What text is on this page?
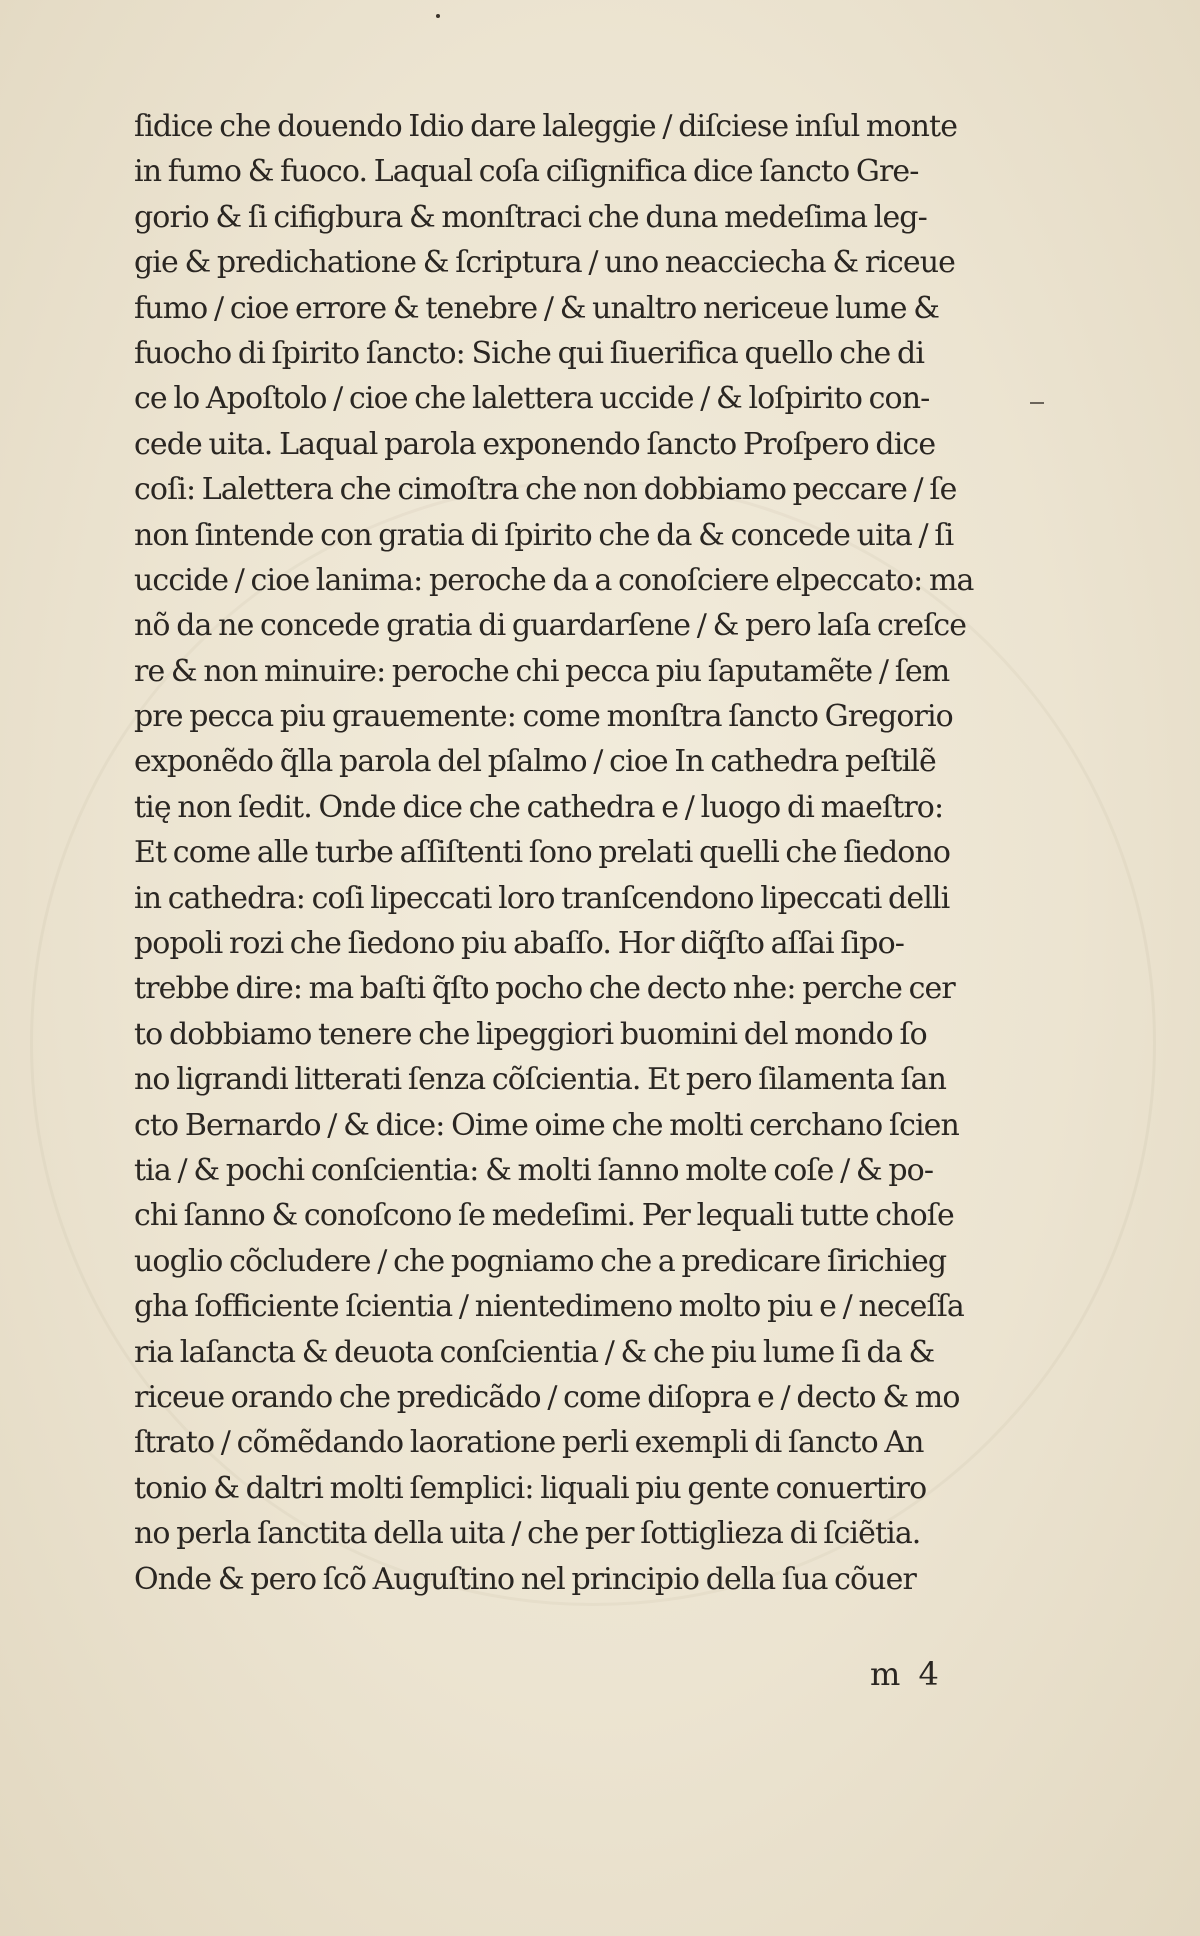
ſidice che douendo Idio dare laleggie / diſciese inſul monte
in fumo & fuoco. Laqual coſa ciſignifica dice ſancto Gre-
gorio & ſi cifigbura & monſtraci che duna medeſima leg-
gie & predichatione & ſcriptura / uno neacciecha & riceue
fumo / cioe errore & tenebre / & unaltro nericeue lume &
fuocho di ſpirito ſancto: Siche qui ſiuerifica quello che di
ce lo Apoſtolo / cioe che lalettera uccide / & loſpirito con-
cede uita. Laqual parola exponendo ſancto Proſpero dice
coſi: Lalettera che cimoſtra che non dobbiamo peccare / ſe
non ſintende con gratia di ſpirito che da & concede uita / ſi
uccide / cioe lanima: peroche da a conoſciere elpeccato: ma
nõ da ne concede gratia di guardarſene / & pero laſa creſce
re & non minuire: peroche chi pecca piu ſaputamẽte / ſem
pre pecca piu grauemente: come monſtra ſancto Gregorio
exponẽdo q̃lla parola del pſalmo / cioe In cathedra peſtilẽ
tię non ſedit. Onde dice che cathedra e / luogo di maeſtro:
Et come alle turbe aſſiſtenti ſono prelati quelli che ſiedono
in cathedra: coſi lipeccati loro tranſcendono lipeccati delli
popoli rozi che ſiedono piu abaſſo. Hor diq̃ſto aſſai ſipo-
trebbe dire: ma baſti q̃ſto pocho che decto nhe: perche cer
to dobbiamo tenere che lipeggiori buomini del mondo ſo
no ligrandi litterati ſenza cõſcientia. Et pero ſilamenta ſan
cto Bernardo / & dice: Oime oime che molti cerchano ſcien
tia / & pochi conſcientia: & molti ſanno molte coſe / & po-
chi ſanno & conoſcono ſe medeſimi. Per lequali tutte choſe
uoglio cõcludere / che pogniamo che a predicare ſirichieg
gha ſofficiente ſcientia / nientedimeno molto piu e / neceſſa
ria laſancta & deuota conſcientia / & che piu lume ſi da &
riceue orando che predicãdo / come diſopra e / decto & mo
ſtrato / cõmẽdando laoratione perli exempli di ſancto An
tonio & daltri molti ſemplici: liquali piu gente conuertiro
no perla ſanctita della uita / che per ſottiglieza di ſciẽtia.
Onde & pero ſcõ Auguſtino nel principio della ſua cõuer
m 4
